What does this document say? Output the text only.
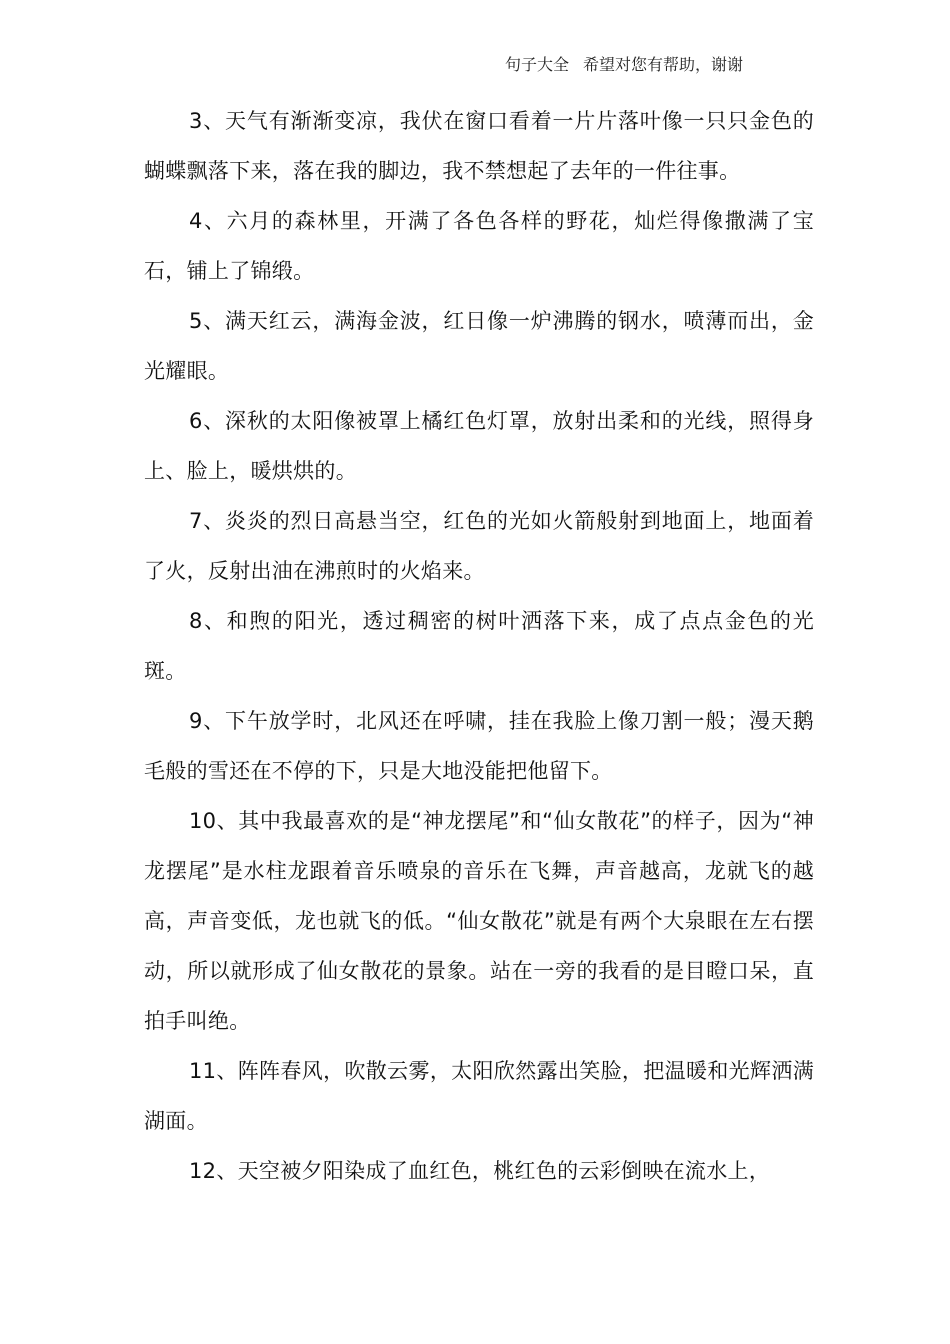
句子大全 希望对您有帮助，谢谢

3、天气有渐渐变凉，我伏在窗口看着一片片落叶像一只只金色的蝴蝶飘落下来，落在我的脚边，我不禁想起了去年的一件往事。

4、六月的森林里，开满了各色各样的野花，灿烂得像撒满了宝石，铺上了锦缎。

5、满天红云，满海金波，红日像一炉沸腾的钢水，喷薄而出，金光耀眼。

6、深秋的太阳像被罩上橘红色灯罩，放射出柔和的光线，照得身上、脸上，暖烘烘的。

7、炎炎的烈日高悬当空，红色的光如火箭般射到地面上，地面着了火，反射出油在沸煎时的火焰来。

8、和煦的阳光，透过稠密的树叶洒落下来，成了点点金色的光斑。

9、下午放学时，北风还在呼啸，挂在我脸上像刀割一般；漫天鹅毛般的雪还在不停的下，只是大地没能把他留下。

10、其中我最喜欢的是“神龙摆尾”和“仙女散花”的样子，因为“神龙摆尾”是水柱龙跟着音乐喷泉的音乐在飞舞，声音越高，龙就飞的越高，声音变低，龙也就飞的低。“仙女散花”就是有两个大泉眼在左右摆动，所以就形成了仙女散花的景象。站在一旁的我看的是目瞪口呆，直拍手叫绝。

11、阵阵春风，吹散云雾，太阳欣然露出笑脸，把温暖和光辉洒满湖面。

12、天空被夕阳染成了血红色，桃红色的云彩倒映在流水上，
